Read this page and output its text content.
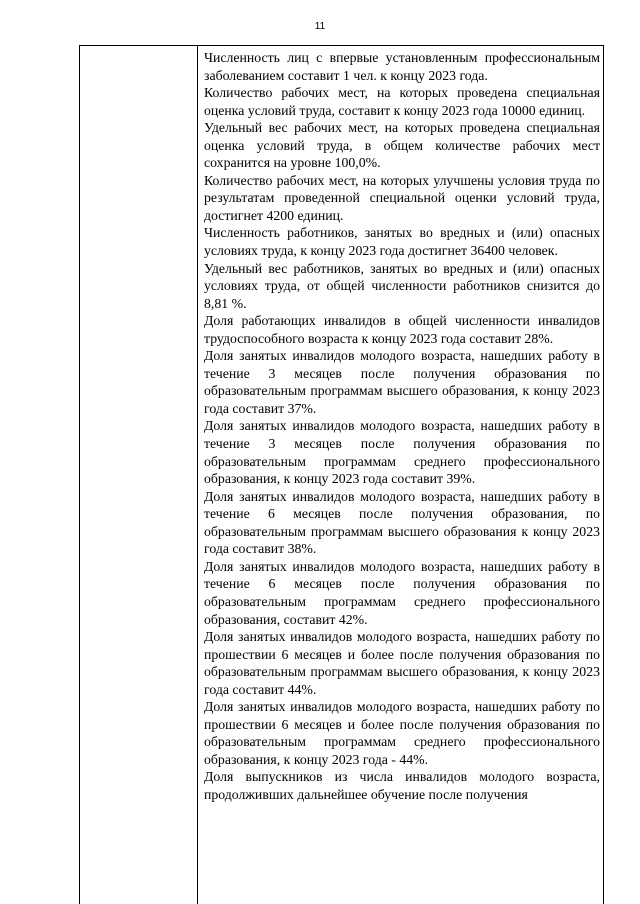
11

Численность лиц с впервые установленным профессиональным заболеванием составит 1 чел. к концу 2023 года.

Количество рабочих мест, на которых проведена специальная оценка условий труда, составит к концу 2023 года 10000 единиц.

Удельный вес рабочих мест, на которых проведена специальная оценка условий труда, в общем количестве рабочих мест сохранится на уровне 100,0%.

Количество рабочих мест, на которых улучшены условия труда по результатам проведенной специальной оценки условий труда, достигнет 4200 единиц.

Численность работников, занятых во вредных и (или) опасных условиях труда, к концу 2023 года достигнет 36400 человек.

Удельный вес работников, занятых во вредных и (или) опасных условиях труда, от общей численности работников снизится до 8,81 %.

Доля работающих инвалидов в общей численности инвалидов трудоспособного возраста к концу 2023 года составит 28%.

Доля занятых инвалидов молодого возраста, нашедших работу в течение 3 месяцев после получения образования по образовательным программам высшего образования, к концу 2023 года составит 37%.

Доля занятых инвалидов молодого возраста, нашедших работу в течение 3 месяцев после получения образования по образовательным программам среднего профессионального образования, к концу 2023 года составит 39%.

Доля занятых инвалидов молодого возраста, нашедших работу в течение 6 месяцев после получения образования, по образовательным программам высшего образования к концу 2023 года составит 38%.

Доля занятых инвалидов молодого возраста, нашедших работу в течение 6 месяцев после получения образования по образовательным программам среднего профессионального образования, составит 42%.

Доля занятых инвалидов молодого возраста, нашедших работу по прошествии 6 месяцев и более после получения образования по образовательным программам высшего образования, к концу 2023 года составит 44%.

Доля занятых инвалидов молодого возраста, нашедших работу по прошествии 6 месяцев и более после получения образования по образовательным программам среднего профессионального образования, к концу 2023 года - 44%.

Доля выпускников из числа инвалидов молодого возраста, продолживших дальнейшее обучение после получения
